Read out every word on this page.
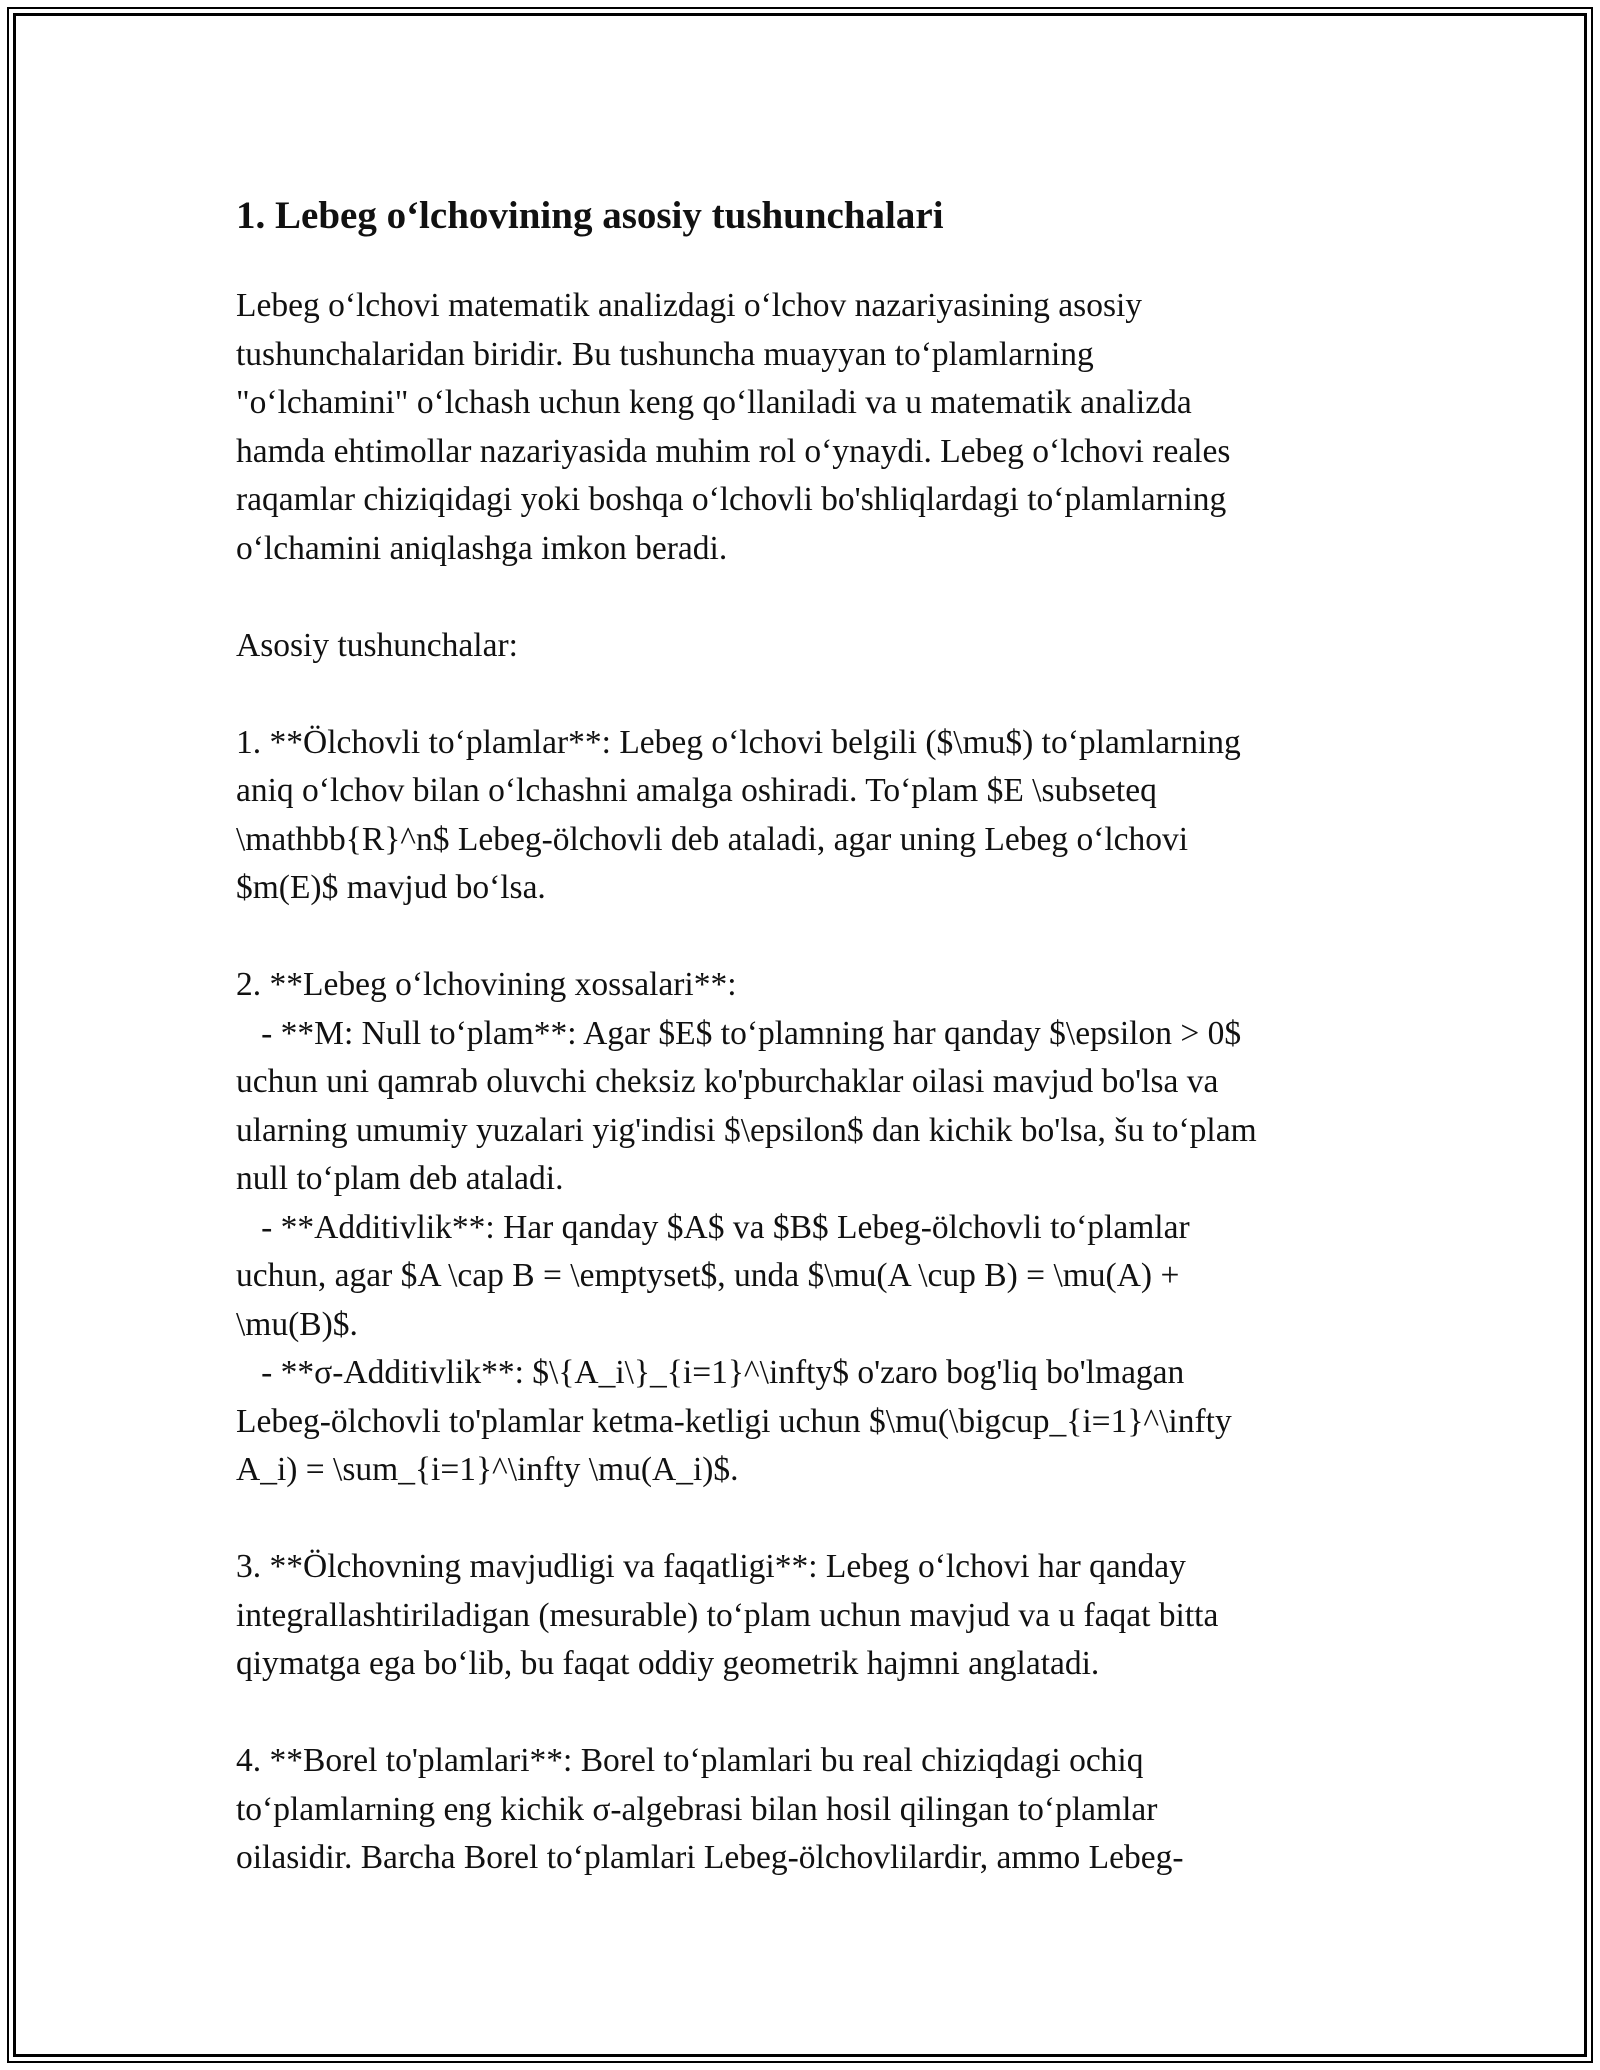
1. Lebeg o‘lchovining asosiy tushunchalari
Lebeg o‘lchovi matematik analizdagi o‘lchov nazariyasining asosiy
tushunchalaridan biridir. Bu tushuncha muayyan to‘plamlarning
"o‘lchamini" o‘lchash uchun keng qo‘llaniladi va u matematik analizda
hamda ehtimollar nazariyasida muhim rol o‘ynaydi. Lebeg o‘lchovi reales
raqamlar chiziqidagi yoki boshqa o‘lchovli bo'shliqlardagi to‘plamlarning
o‘lchamini aniqlashga imkon beradi.
Asosiy tushunchalar:
1. **Ölchovli to‘plamlar**: Lebeg o‘lchovi belgili ($\mu$) to‘plamlarning
aniq o‘lchov bilan o‘lchashni amalga oshiradi. To‘plam $E \subseteq
\mathbb{R}^n$ Lebeg-ölchovli deb ataladi, agar uning Lebeg o‘lchovi
$m(E)$ mavjud bo‘lsa.
2. **Lebeg o‘lchovining xossalari**:
- **M: Null to‘plam**: Agar $E$ to‘plamning har qanday $\epsilon > 0$
uchun uni qamrab oluvchi cheksiz ko'pburchaklar oilasi mavjud bo'lsa va
ularning umumiy yuzalari yig'indisi $\epsilon$ dan kichik bo'lsa, šu to‘plam
null to‘plam deb ataladi.
- **Additivlik**: Har qanday $A$ va $B$ Lebeg-ölchovli to‘plamlar
uchun, agar $A \cap B = \emptyset$, unda $\mu(A \cup B) = \mu(A) +
\mu(B)$.
- **σ-Additivlik**: $\{A_i\}_{i=1}^\infty$ o'zaro bog'liq bo'lmagan
Lebeg-ölchovli to'plamlar ketma-ketligi uchun $\mu(\bigcup_{i=1}^\infty
A_i) = \sum_{i=1}^\infty \mu(A_i)$.
3. **Ölchovning mavjudligi va faqatligi**: Lebeg o‘lchovi har qanday
integrallashtiriladigan (mesurable) to‘plam uchun mavjud va u faqat bitta
qiymatga ega bo‘lib, bu faqat oddiy geometrik hajmni anglatadi.
4. **Borel to'plamlari**: Borel to‘plamlari bu real chiziqdagi ochiq
to‘plamlarning eng kichik σ-algebrasi bilan hosil qilingan to‘plamlar
oilasidir. Barcha Borel to‘plamlari Lebeg-ölchovlilardir, ammo Lebeg-
